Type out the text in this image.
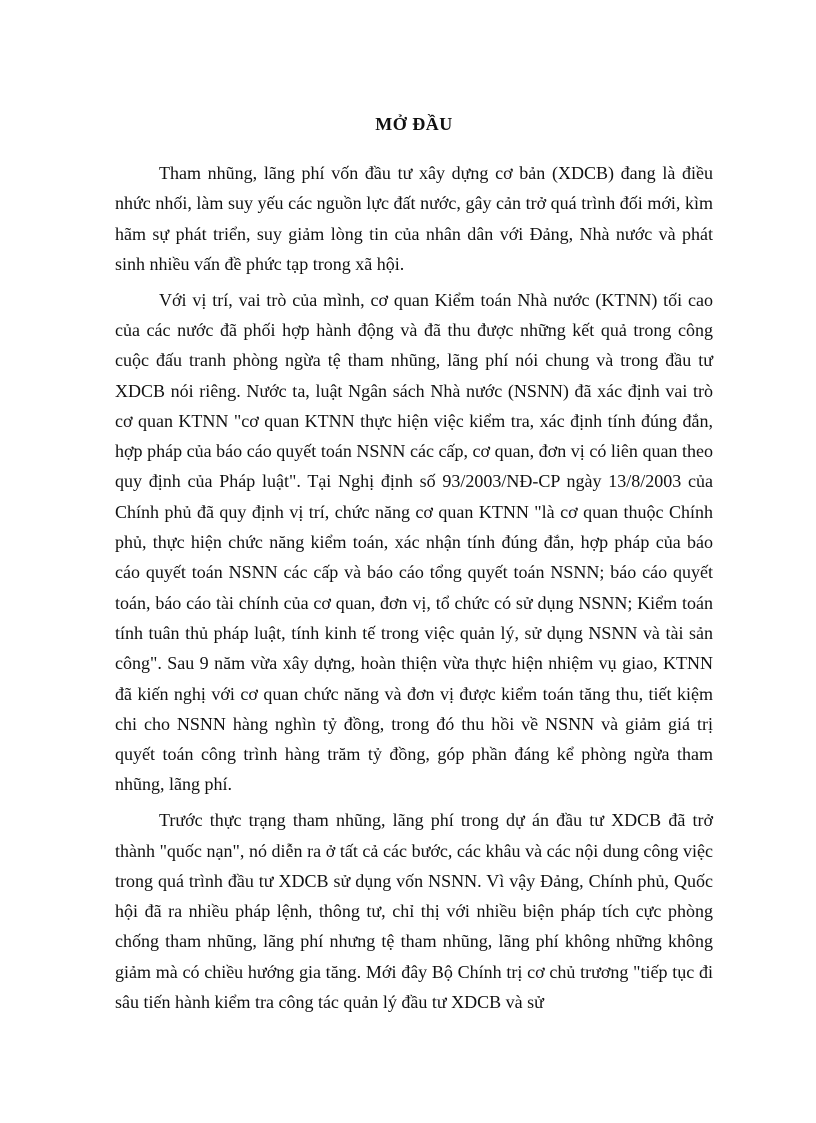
MỞ ĐẦU

Tham nhũng, lãng phí vốn đầu tư xây dựng cơ bản (XDCB) đang là điều nhức nhối, làm suy yếu các nguồn lực đất nước, gây cản trở quá trình đối mới, kìm hãm sự phát triển, suy giảm lòng tin của nhân dân với Đảng, Nhà nước và phát sinh nhiều vấn đề phức tạp trong xã hội.

Với vị trí, vai trò của mình, cơ quan Kiểm toán Nhà nước (KTNN) tối cao của các nước đã phối hợp hành động và đã thu được những kết quả trong công cuộc đấu tranh phòng ngừa tệ tham nhũng, lãng phí nói chung và trong đầu tư XDCB nói riêng. Nước ta, luật Ngân sách Nhà nước (NSNN) đã xác định vai trò cơ quan KTNN "cơ quan KTNN thực hiện việc kiểm tra, xác định tính đúng đắn, hợp pháp của báo cáo quyết toán NSNN các cấp, cơ quan, đơn vị có liên quan theo quy định của Pháp luật". Tại Nghị định số 93/2003/NĐ-CP ngày 13/8/2003 của Chính phủ đã quy định vị trí, chức năng cơ quan KTNN "là cơ quan thuộc Chính phủ, thực hiện chức năng kiểm toán, xác nhận tính đúng đắn, hợp pháp của báo cáo quyết toán NSNN các cấp và báo cáo tổng quyết toán NSNN; báo cáo quyết toán, báo cáo tài chính của cơ quan, đơn vị, tổ chức có sử dụng NSNN; Kiểm toán tính tuân thủ pháp luật, tính kinh tế trong việc quản lý, sử dụng NSNN và tài sản công". Sau 9 năm vừa xây dựng, hoàn thiện vừa thực hiện nhiệm vụ giao, KTNN đã kiến nghị với cơ quan chức năng và đơn vị được kiểm toán tăng thu, tiết kiệm chi cho NSNN hàng nghìn tỷ đồng, trong đó thu hồi về NSNN và giảm giá trị quyết toán công trình hàng trăm tỷ đồng, góp phần đáng kể phòng ngừa tham nhũng, lãng phí.

Trước thực trạng tham nhũng, lãng phí trong dự án đầu tư XDCB đã trở thành "quốc nạn", nó diễn ra ở tất cả các bước, các khâu và các nội dung công việc trong quá trình đầu tư XDCB sử dụng vốn NSNN. Vì vậy Đảng, Chính phủ, Quốc hội đã ra nhiều pháp lệnh, thông tư, chỉ thị với nhiều biện pháp tích cực phòng chống tham nhũng, lãng phí nhưng tệ tham nhũng, lãng phí không những không giảm mà có chiều hướng gia tăng. Mới đây Bộ Chính trị cơ chủ trương "tiếp tục đi sâu tiến hành kiểm tra công tác quản lý đầu tư XDCB và sử
